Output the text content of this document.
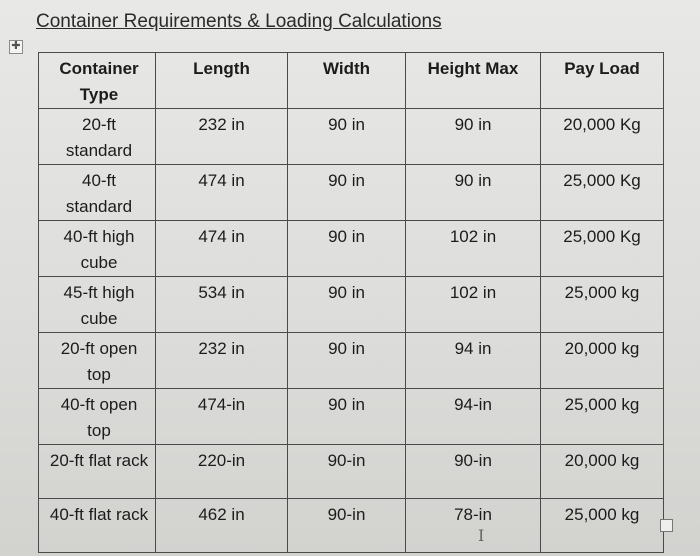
Container Requirements & Loading Calculations
✚
Container Type	Length	Width	Height Max	Pay Load
20-ft standard	232 in	90 in	90 in	20,000 Kg
40-ft standard	474 in	90 in	90 in	25,000 Kg
40-ft high cube	474 in	90 in	102 in	25,000 Kg
45-ft high cube	534 in	90 in	102 in	25,000 kg
20-ft open top	232 in	90 in	94 in	20,000 kg
40-ft open top	474-in	90 in	94-in	25,000 kg
20-ft flat rack	220-in	90-in	90-in	20,000 kg
40-ft flat rack	462 in	90-in	78-in	25,000 kg
I
